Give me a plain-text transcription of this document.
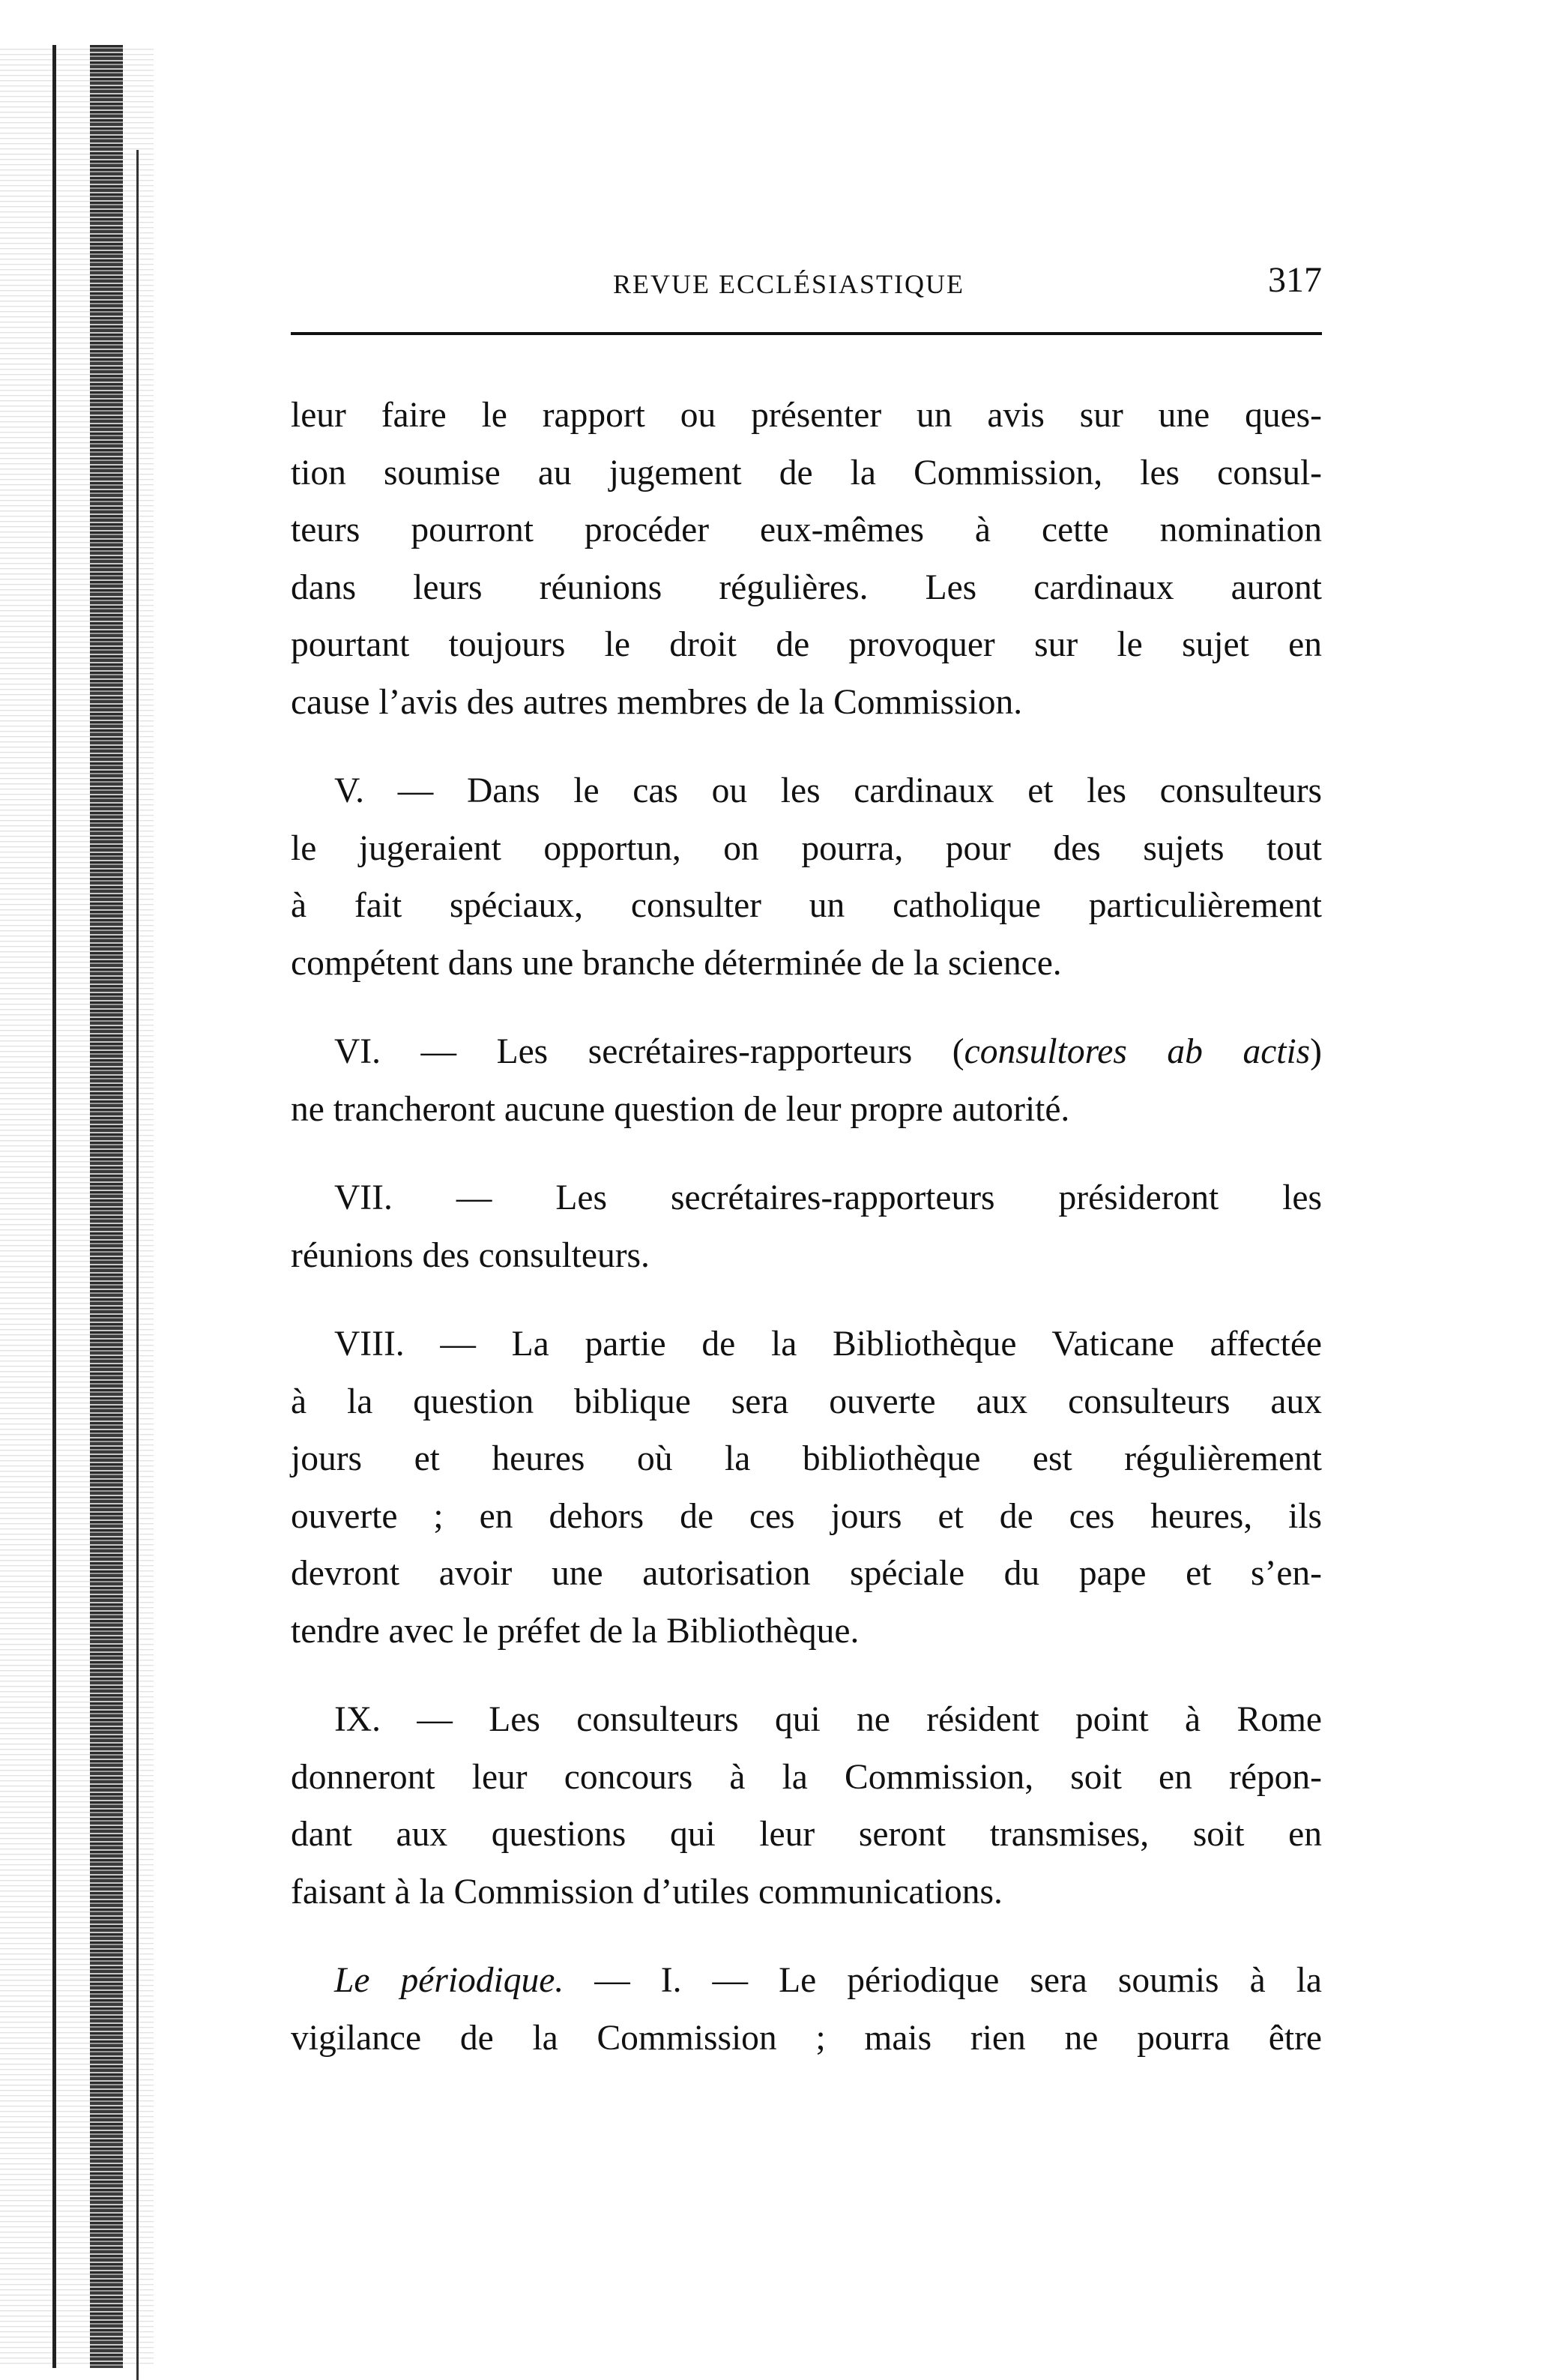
REVUE ECCLÉSIASTIQUE	317

leur faire le rapport ou présenter un avis sur une ques-
tion soumise au jugement de la Commission, les consul-
teurs pourront procéder eux-mêmes à cette nomination
dans leurs réunions régulières. Les cardinaux auront
pourtant toujours le droit de provoquer sur le sujet en
cause l’avis des autres membres de la Commission.

V. — Dans le cas ou les cardinaux et les consulteurs
le jugeraient opportun, on pourra, pour des sujets tout
à fait spéciaux, consulter un catholique particulièrement
compétent dans une branche déterminée de la science.

VI. — Les secrétaires-rapporteurs (consultores ab actis)
ne trancheront aucune question de leur propre autorité.

VII. — Les secrétaires-rapporteurs présideront les
réunions des consulteurs.

VIII. — La partie de la Bibliothèque Vaticane affectée
à la question biblique sera ouverte aux consulteurs aux
jours et heures où la bibliothèque est régulièrement
ouverte ; en dehors de ces jours et de ces heures, ils
devront avoir une autorisation spéciale du pape et s’en-
tendre avec le préfet de la Bibliothèque.

IX. — Les consulteurs qui ne résident point à Rome
donneront leur concours à la Commission, soit en répon-
dant aux questions qui leur seront transmises, soit en
faisant à la Commission d’utiles communications.

Le périodique. — I. — Le périodique sera soumis à la
vigilance de la Commission ; mais rien ne pourra être
